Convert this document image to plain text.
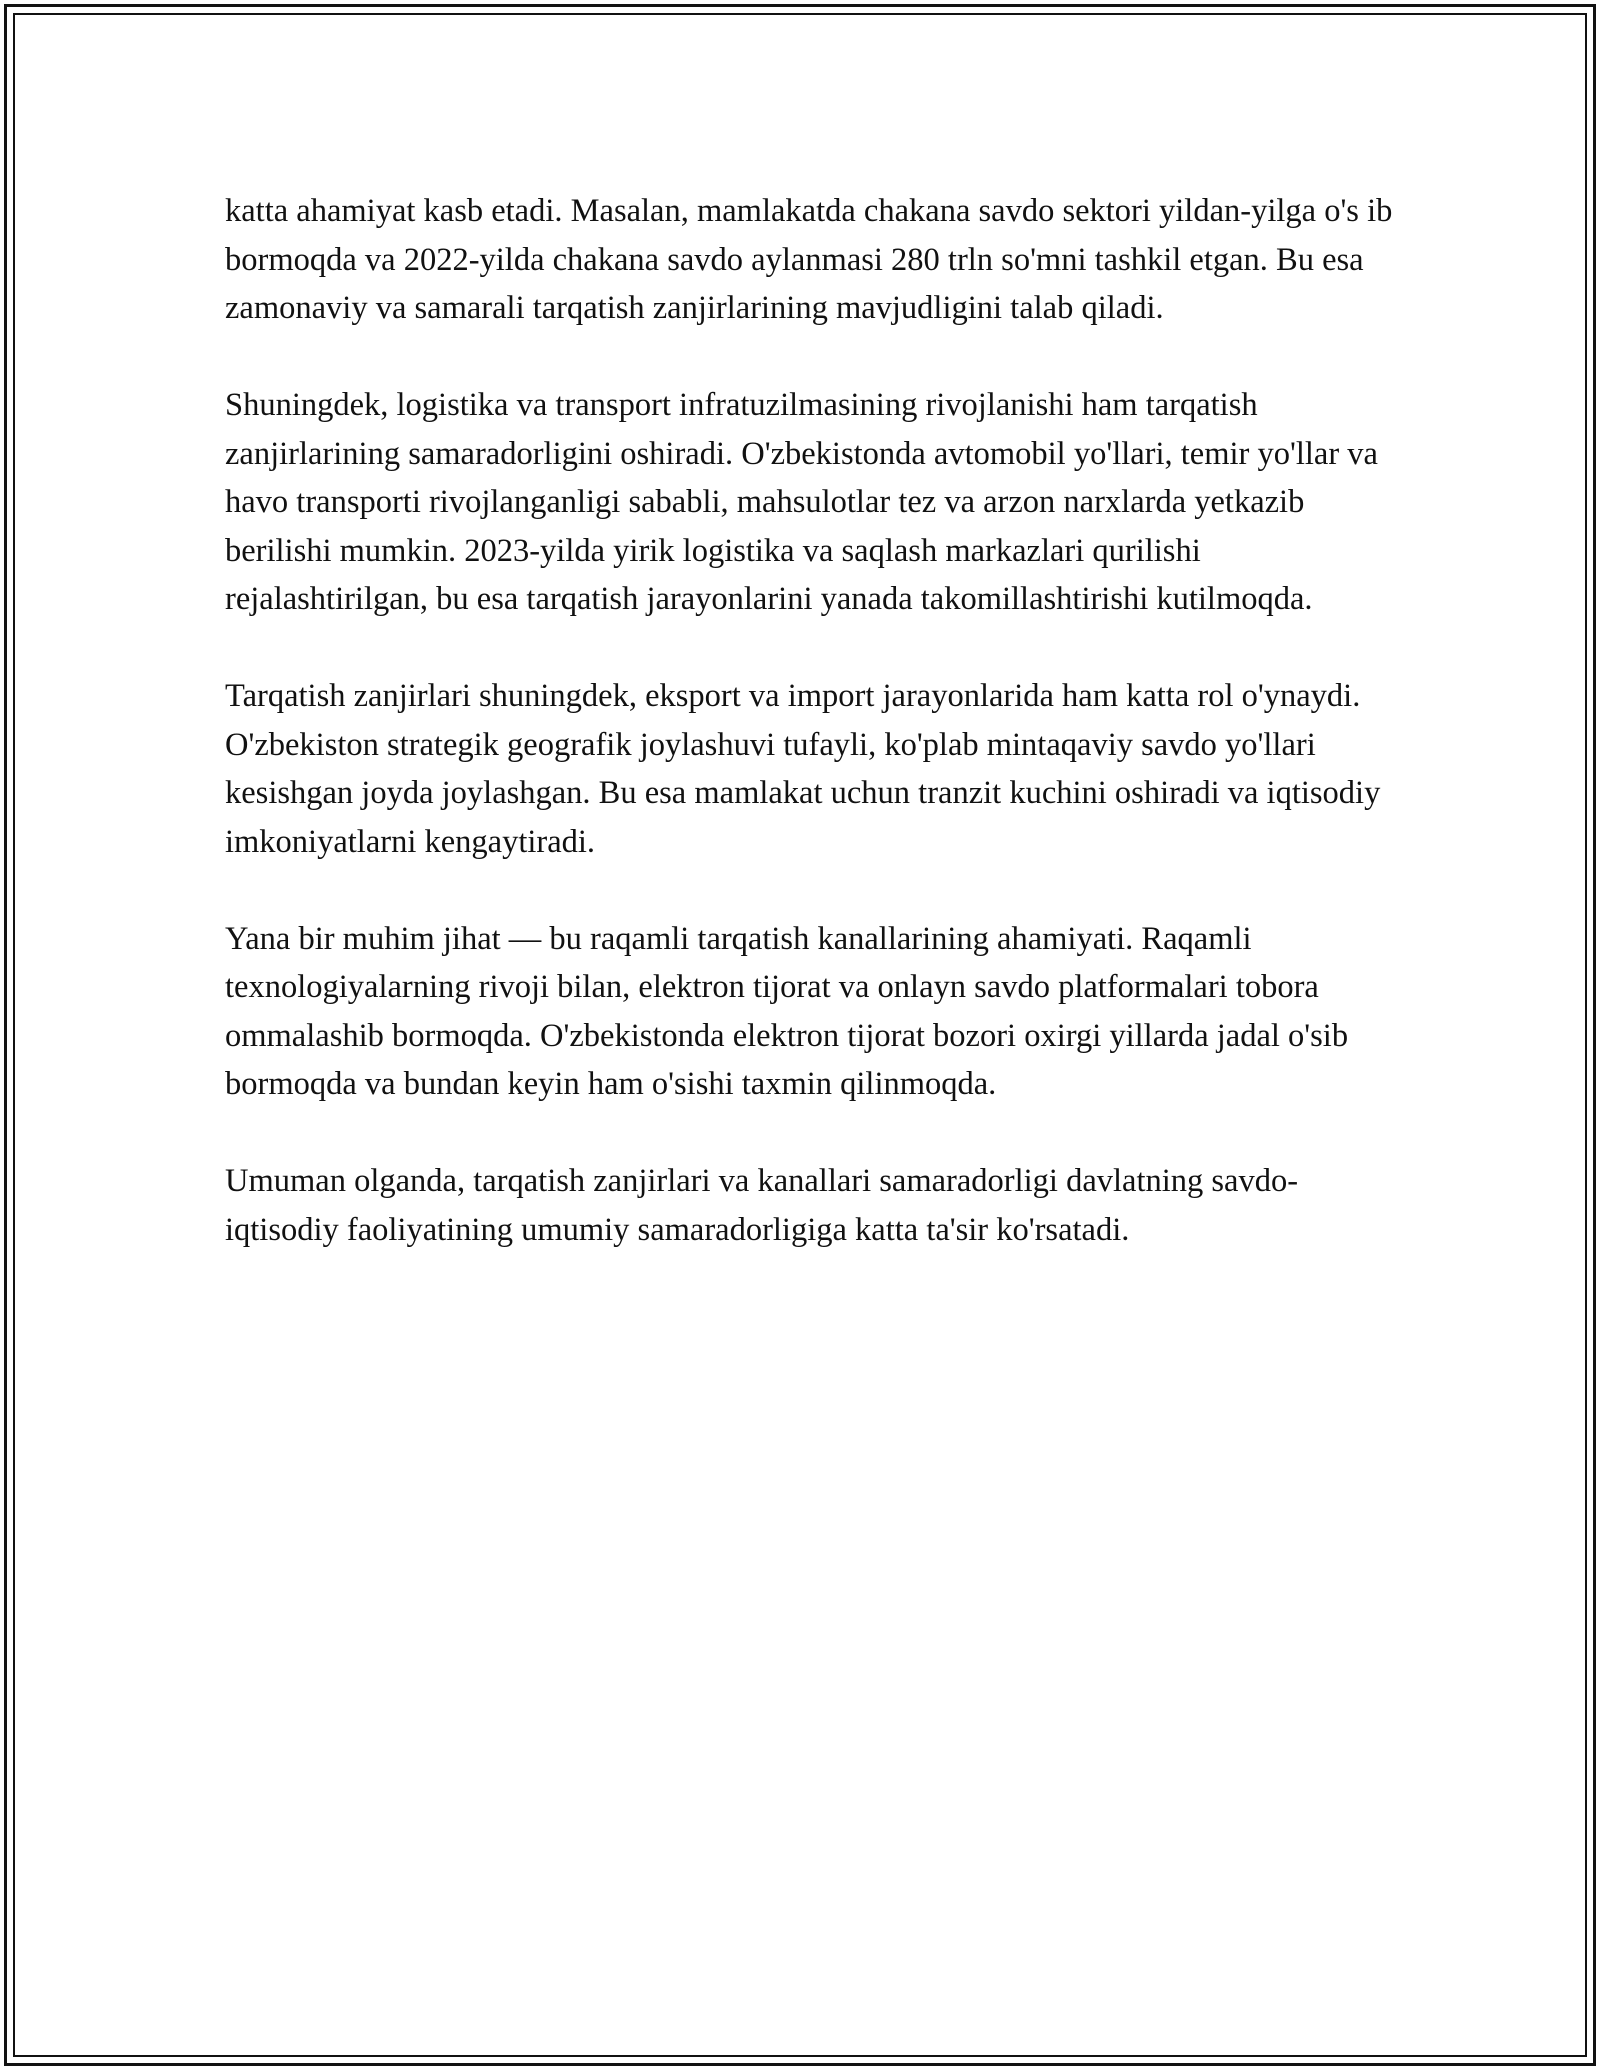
katta ahamiyat kasb etadi. Masalan, mamlakatda chakana savdo sektori yildan-yilga o's ib bormoqda va 2022-yilda chakana savdo aylanmasi 280 trln so'mni tashkil etgan. Bu esa zamonaviy va samarali tarqatish zanjirlarining mavjudligini talab qiladi.

Shuningdek, logistika va transport infratuzilmasining rivojlanishi ham tarqatish zanjirlarining samaradorligini oshiradi. O'zbekistonda avtomobil yo'llari, temir yo'llar va havo transporti rivojlanganligi sababli, mahsulotlar tez va arzon narxlarda yetkazib berilishi mumkin. 2023-yilda yirik logistika va saqlash markazlari qurilishi rejalashtirilgan, bu esa tarqatish jarayonlarini yanada takomillashtirishi kutilmoqda.

Tarqatish zanjirlari shuningdek, eksport va import jarayonlarida ham katta rol o'ynaydi. O'zbekiston strategik geografik joylashuvi tufayli, ko'plab mintaqaviy savdo yo'llari kesishgan joyda joylashgan. Bu esa mamlakat uchun tranzit kuchini oshiradi va iqtisodiy imkoniyatlarni kengaytiradi.

Yana bir muhim jihat — bu raqamli tarqatish kanallarining ahamiyati. Raqamli texnologiyalarning rivoji bilan, elektron tijorat va onlayn savdo platformalari tobora ommalashib bormoqda. O'zbekistonda elektron tijorat bozori oxirgi yillarda jadal o'sib bormoqda va bundan keyin ham o'sishi taxmin qilinmoqda.

Umuman olganda, tarqatish zanjirlari va kanallari samaradorligi davlatning savdo-iqtisodiy faoliyatining umumiy samaradorligiga katta ta'sir ko'rsatadi.
